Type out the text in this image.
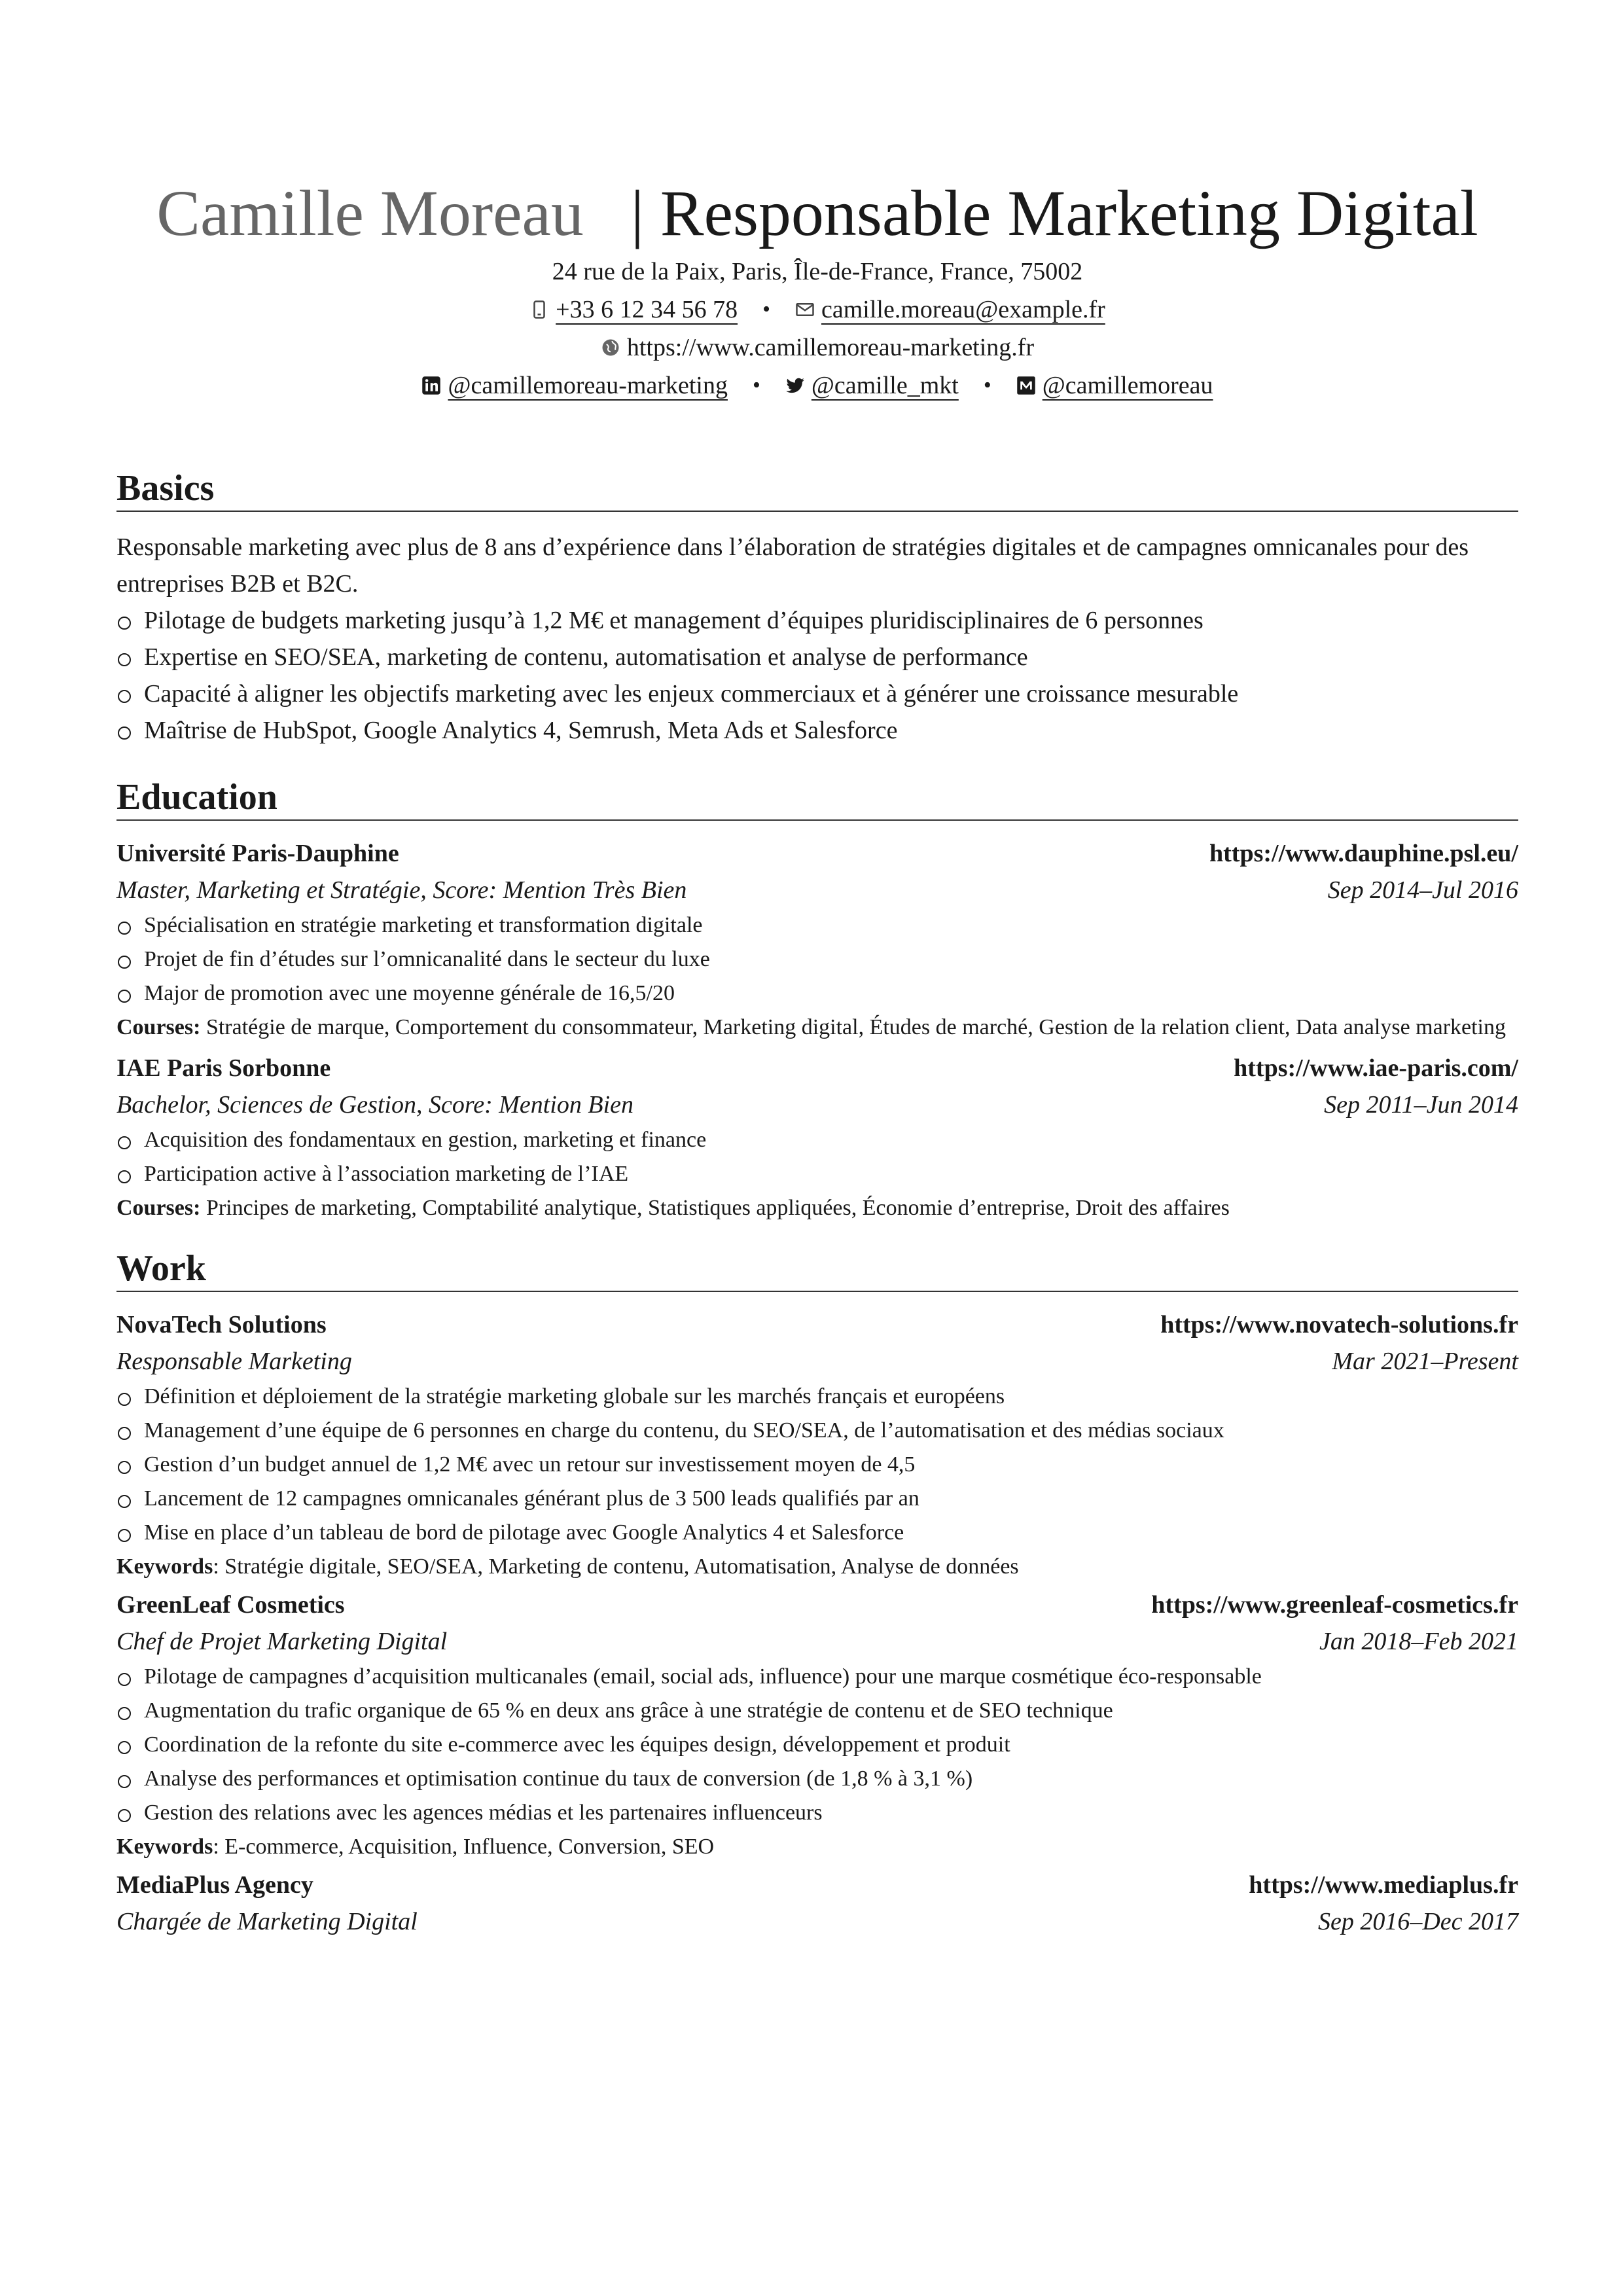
Camille Moreau | Responsable Marketing Digital
24 rue de la Paix, Paris, Île-de-France, France, 75002
+33 6 12 34 56 78 • camille.moreau@example.fr
https://www.camillemoreau-marketing.fr
@camillemoreau-marketing • @camille_mkt • @camillemoreau
Basics
Responsable marketing avec plus de 8 ans d’expérience dans l’élaboration de stratégies digitales et de campagnes omnicanales pour des entreprises B2B et B2C.
Pilotage de budgets marketing jusqu’à 1,2 M€ et management d’équipes pluridisciplinaires de 6 personnes
Expertise en SEO/SEA, marketing de contenu, automatisation et analyse de performance
Capacité à aligner les objectifs marketing avec les enjeux commerciaux et à générer une croissance mesurable
Maîtrise de HubSpot, Google Analytics 4, Semrush, Meta Ads et Salesforce
Education
Université Paris-Dauphine	https://www.dauphine.psl.eu/
Master, Marketing et Stratégie, Score: Mention Très Bien	Sep 2014–Jul 2016
Spécialisation en stratégie marketing et transformation digitale
Projet de fin d’études sur l’omnicanalité dans le secteur du luxe
Major de promotion avec une moyenne générale de 16,5/20
Courses: Stratégie de marque, Comportement du consommateur, Marketing digital, Études de marché, Gestion de la relation client, Data analyse marketing
IAE Paris Sorbonne	https://www.iae-paris.com/
Bachelor, Sciences de Gestion, Score: Mention Bien	Sep 2011–Jun 2014
Acquisition des fondamentaux en gestion, marketing et finance
Participation active à l’association marketing de l’IAE
Courses: Principes de marketing, Comptabilité analytique, Statistiques appliquées, Économie d’entreprise, Droit des affaires
Work
NovaTech Solutions	https://www.novatech-solutions.fr
Responsable Marketing	Mar 2021–Present
Définition et déploiement de la stratégie marketing globale sur les marchés français et européens
Management d’une équipe de 6 personnes en charge du contenu, du SEO/SEA, de l’automatisation et des médias sociaux
Gestion d’un budget annuel de 1,2 M€ avec un retour sur investissement moyen de 4,5
Lancement de 12 campagnes omnicanales générant plus de 3 500 leads qualifiés par an
Mise en place d’un tableau de bord de pilotage avec Google Analytics 4 et Salesforce
Keywords: Stratégie digitale, SEO/SEA, Marketing de contenu, Automatisation, Analyse de données
GreenLeaf Cosmetics	https://www.greenleaf-cosmetics.fr
Chef de Projet Marketing Digital	Jan 2018–Feb 2021
Pilotage de campagnes d’acquisition multicanales (email, social ads, influence) pour une marque cosmétique éco-responsable
Augmentation du trafic organique de 65 % en deux ans grâce à une stratégie de contenu et de SEO technique
Coordination de la refonte du site e-commerce avec les équipes design, développement et produit
Analyse des performances et optimisation continue du taux de conversion (de 1,8 % à 3,1 %)
Gestion des relations avec les agences médias et les partenaires influenceurs
Keywords: E-commerce, Acquisition, Influence, Conversion, SEO
MediaPlus Agency	https://www.mediaplus.fr
Chargée de Marketing Digital	Sep 2016–Dec 2017
